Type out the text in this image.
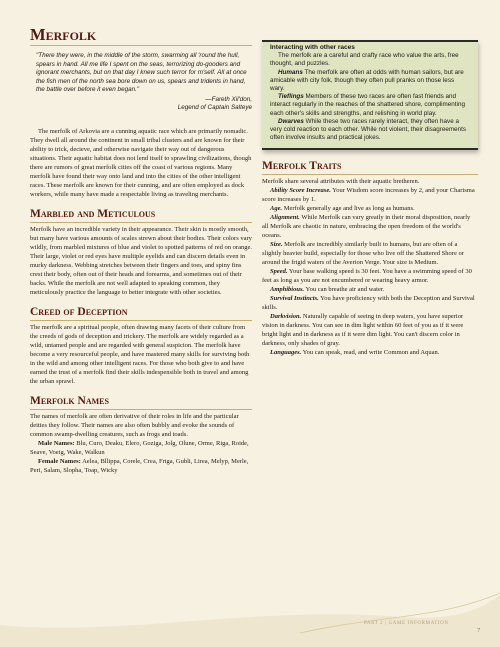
Merfolk
"There they were, in the middle of the storm, swarming all 'round the hull, spears in hand. All me life I spent on the seas, terrorizing do-gooders and ignorant merchants, but on that day I knew such terror for m'self. All at once the fish men of the north sea bore down on us, spears and tridents in hand, the battle over before it even began."
—Fareth Xil'don,
Legend of Captain Salteye

The merfolk of Arkovia are a cunning aquatic race which are primarily nomadic. They dwell all around the continent in small tribal clusters and are known for their ability to trick, decieve, and otherwise navigate their way out of dangerous situations. Their aquatic habitat does not lend itself to sprawling civilizations, though there are rumors of great merfolk cities off the coast of various regions. Many merfolk have found their way onto land and into the cities of the other intelligent races. These merfolk are known for their cunning, and are often employed as dock workers, while many have made a respectable living as traveling merchants.

Marbled and Meticulous

Merfolk have an incredible variety in their appearance. Their skin is mostly smooth, but many have various amounts of scales strewn about their bodies. Their colors vary wildly, from marbled mixtures of blue and violet to spotted patterns of red on orange. Their large, violet or red eyes have multiple eyelids and can discern details even in murky darkness. Webbing stretches between their fingers and toes, and spiny fins crest their body, often out of their heads and forearms, and sometimes out of their backs. While the merfolk are not well adapted to speaking common, they meticulously practice the language to better integrate with other societies.

Creed of Deception

The merfolk are a spiritual people, often drawing many facets of their culture from the creeds of gods of deception and trickery. The merfolk are widely regarded as a wild, untamed people and are regarded with general suspicion. The merfolk have become a very resourceful people, and have mastered many skills for surviving both in the wild and among other intelligent races. For those who both give to and have earned the trust of a merfolk find their skills indespensible both in travel and among the urban sprawl.

Merfolk Names

The names of merfolk are often derivative of their roles in life and the particular deities they follow. Their names are also often bubbly and evoke the sounds of common swamp-dwelling creatures, such as frogs and toads.

Male Names: Blu, Curo, Deaku, Elero, Goziga, Jolg, Olune, Orme, Riga, Roide, Seave, Voeig, Wake, Walkun

Female Names: Aelea, Bllippa, Corele, Crea, Friga, Gubli, Lirea, Melyp, Merle, Peri, Salam, Slopha, Toap, Wicky

Interacting with other races

The merfolk are a careful and crafty race who value the arts, free thought, and puzzles.

Humans The merfolk are often at odds with human sailors, but are amicable with city folk, though they often pull pranks on those less wary.

Tieflings Members of these two races are often fast friends and interact regularly in the reaches of the shattered shore, complimenting each other's skills and strengths, and relishing in world play.

Dwarves While these two races rarely interact, they often have a very cold reaction to each other. While not violent, their disagreements often involve insults and practical jokes.

Merfolk Traits

Merfolk share several attributes with their aquatic bretheren.

Ability Score Increase. Your Wisdom score increases by 2, and your Charisma score increases by 1.

Age. Merfolk generally age and live as long as humans.

Alignment. While Merfolk can vary greatly in their moral disposition, nearly all Merfolk are chaotic in nature, embracing the open freedom of the world's oceans.

Size. Merfolk are incredibly similarly built to humans, but are often of a slightly heavier build, especially for those who live off the Shattered Shore or around the frigid waters of the Averion Verge. Your size is Medium.

Speed. Your base walking speed is 30 feet. You have a swimming speed of 30 feet as long as you are not encumbered or wearing heavy armor.

Amphibious. You can breathe air and water.

Survival Instincts. You have proficiency with both the Deception and Survival skills.

Darkvision. Naturally capable of seeing in deep waters, you have superior vision in darkness. You can see in dim light within 60 feet of you as if it were bright light and in darkness as if it were dim light. You can't discern color in darkness, only shades of gray.

Languages. You can speak, read, and write Common and Aquan.

PART 2 | GAME INFORMATION
7
